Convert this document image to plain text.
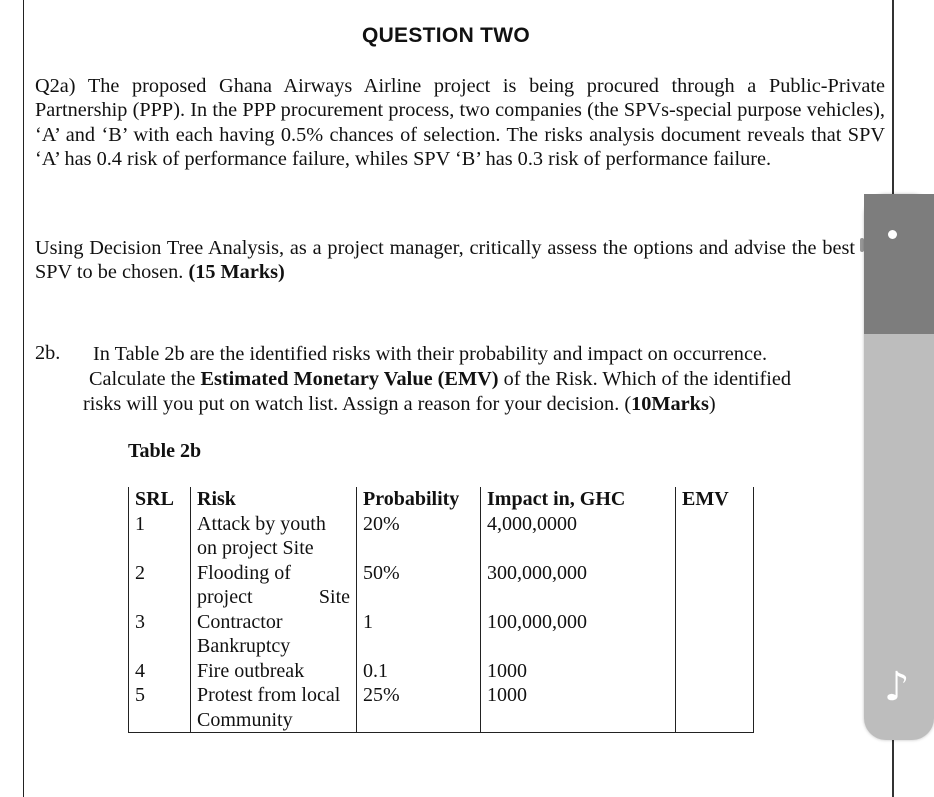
QUESTION TWO
Q2a) The proposed Ghana Airways Airline project is being procured through a Public-Private Partnership (PPP). In the PPP procurement process, two companies (the SPVs-special purpose vehicles), ‘A’ and ‘B’ with each having 0.5% chances of selection. The risks analysis document reveals that SPV ‘A’ has 0.4 risk of performance failure, whiles SPV ‘B’ has 0.3 risk of performance failure.
Using Decision Tree Analysis, as a project manager, critically assess the options and advise the best SPV to be chosen. (15 Marks)
2b. In Table 2b are the identified risks with their probability and impact on occurrence.
Calculate the Estimated Monetary Value (EMV) of the Risk. Which of the identified
risks will you put on watch list. Assign a reason for your decision. (10Marks)
Table 2b
SRL	Risk	Probability	Impact in, GHC	EMV
1	Attack by youth on project Site	20%	4,000,0000	
2	Flooding of project Site	50%	300,000,000	
3	Contractor Bankruptcy	1	100,000,000	
4	Fire outbreak	0.1	1000	
5	Protest from local Community	25%	1000		♪
